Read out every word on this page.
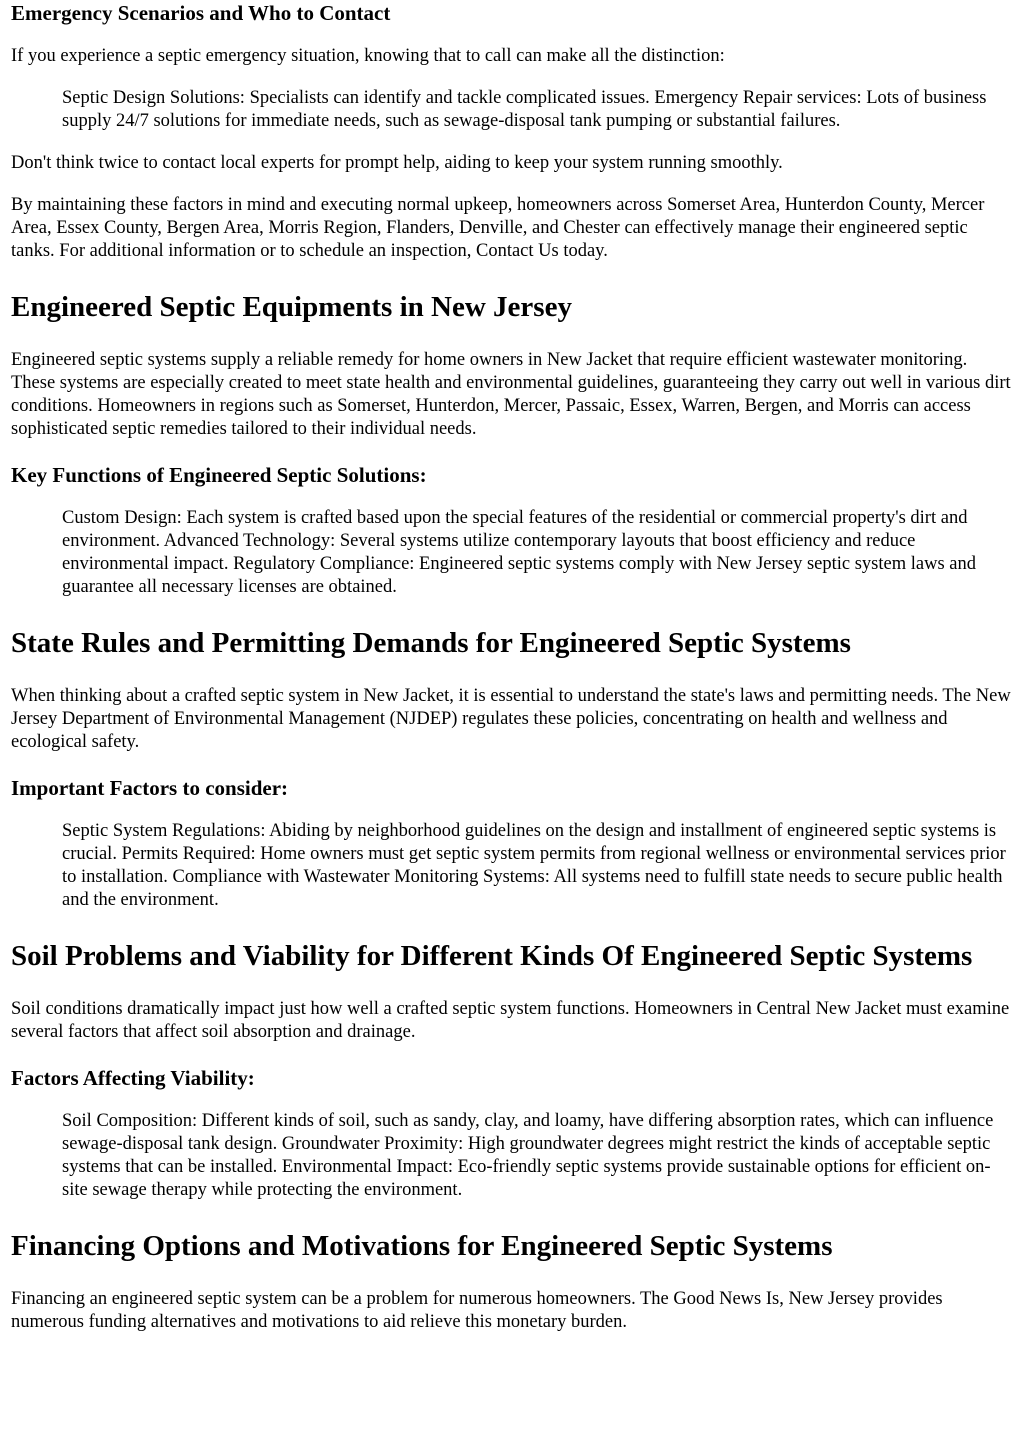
Emergency Scenarios and Who to Contact

If you experience a septic emergency situation, knowing that to call can make all the distinction:

Septic Design Solutions: Specialists can identify and tackle complicated issues. Emergency Repair services: Lots of business supply 24/7 solutions for immediate needs, such as sewage-disposal tank pumping or substantial failures.

Don't think twice to contact local experts for prompt help, aiding to keep your system running smoothly.

By maintaining these factors in mind and executing normal upkeep, homeowners across Somerset Area, Hunterdon County, Mercer Area, Essex County, Bergen Area, Morris Region, Flanders, Denville, and Chester can effectively manage their engineered septic tanks. For additional information or to schedule an inspection, Contact Us today.

Engineered Septic Equipments in New Jersey

Engineered septic systems supply a reliable remedy for home owners in New Jacket that require efficient wastewater monitoring. These systems are especially created to meet state health and environmental guidelines, guaranteeing they carry out well in various dirt conditions. Homeowners in regions such as Somerset, Hunterdon, Mercer, Passaic, Essex, Warren, Bergen, and Morris can access sophisticated septic remedies tailored to their individual needs.

Key Functions of Engineered Septic Solutions:
Custom Design: Each system is crafted based upon the special features of the residential or commercial property's dirt and environment. Advanced Technology: Several systems utilize contemporary layouts that boost efficiency and reduce environmental impact. Regulatory Compliance: Engineered septic systems comply with New Jersey septic system laws and guarantee all necessary licenses are obtained.
State Rules and Permitting Demands for Engineered Septic Systems

When thinking about a crafted septic system in New Jacket, it is essential to understand the state's laws and permitting needs. The New Jersey Department of Environmental Management (NJDEP) regulates these policies, concentrating on health and wellness and ecological safety.

Important Factors to consider:
Septic System Regulations: Abiding by neighborhood guidelines on the design and installment of engineered septic systems is crucial. Permits Required: Home owners must get septic system permits from regional wellness or environmental services prior to installation. Compliance with Wastewater Monitoring Systems: All systems need to fulfill state needs to secure public health and the environment.
Soil Problems and Viability for Different Kinds Of Engineered Septic Systems

Soil conditions dramatically impact just how well a crafted septic system functions. Homeowners in Central New Jacket must examine several factors that affect soil absorption and drainage.

Factors Affecting Viability:
Soil Composition: Different kinds of soil, such as sandy, clay, and loamy, have differing absorption rates, which can influence sewage-disposal tank design. Groundwater Proximity: High groundwater degrees might restrict the kinds of acceptable septic systems that can be installed. Environmental Impact: Eco-friendly septic systems provide sustainable options for efficient on-site sewage therapy while protecting the environment.
Financing Options and Motivations for Engineered Septic Systems

Financing an engineered septic system can be a problem for numerous homeowners. The Good News Is, New Jersey provides numerous funding alternatives and motivations to aid relieve this monetary burden.
